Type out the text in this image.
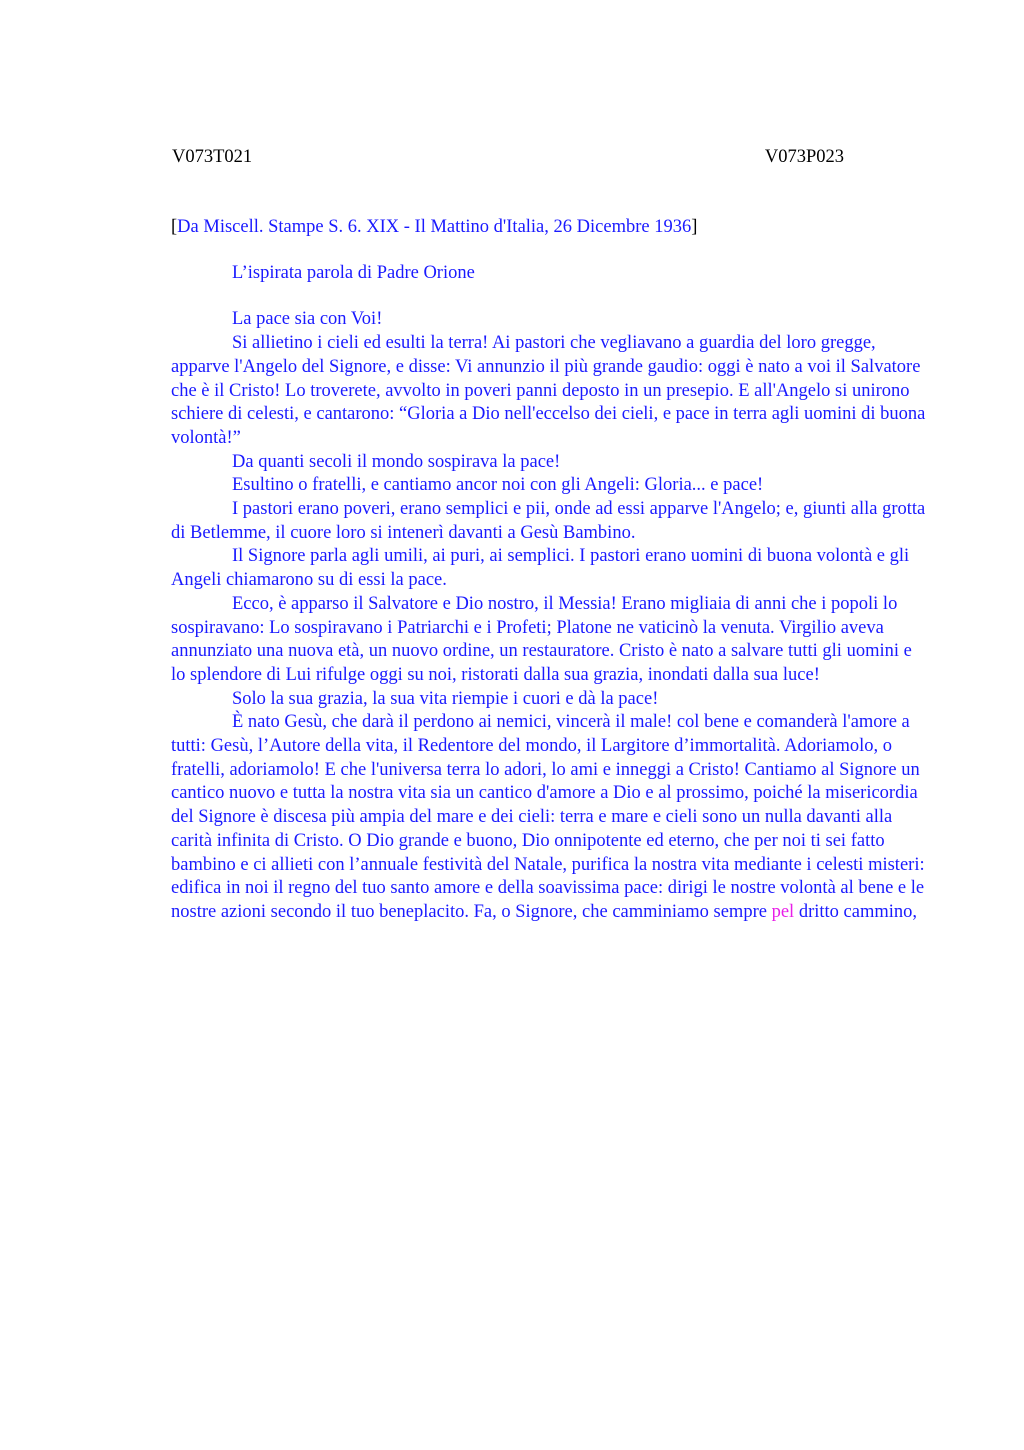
V073T021	V073P023

[Da Miscell. Stampe S. 6. XIX - Il Mattino d'Italia, 26 Dicembre 1936]

L’ispirata parola di Padre Orione

La pace sia con Voi!

Si allietino i cieli ed esulti la terra! Ai pastori che vegliavano a guardia del loro gregge, apparve l'Angelo del Signore, e disse: Vi annunzio il più grande gaudio: oggi è nato a voi il Salvatore che è il Cristo! Lo troverete, avvolto in poveri panni deposto in un presepio. E all'Angelo si unirono schiere di celesti, e cantarono: “Gloria a Dio nell'eccelso dei cieli, e pace in terra agli uomini di buona volontà!”

Da quanti secoli il mondo sospirava la pace!

Esultino o fratelli, e cantiamo ancor noi con gli Angeli: Gloria... e pace!

I pastori erano poveri, erano semplici e pii, onde ad essi apparve l'Angelo; e, giunti alla grotta di Betlemme, il cuore loro si intenerì davanti a Gesù Bambino.

Il Signore parla agli umili, ai puri, ai semplici. I pastori erano uomini di buona volontà e gli Angeli chiamarono su di essi la pace.

Ecco, è apparso il Salvatore e Dio nostro, il Messia! Erano migliaia di anni che i popoli lo sospiravano: Lo sospiravano i Patriarchi e i Profeti; Platone ne vaticinò la venuta. Virgilio aveva annunziato una nuova età, un nuovo ordine, un restauratore. Cristo è nato a salvare tutti gli uomini e lo splendore di Lui rifulge oggi su noi, ristorati dalla sua grazia, inondati dalla sua luce!

Solo la sua grazia, la sua vita riempie i cuori e dà la pace!

È nato Gesù, che darà il perdono ai nemici, vincerà il male! col bene e comanderà l'amore a tutti: Gesù, l’Autore della vita, il Redentore del mondo, il Largitore d’immortalità. Adoriamolo, o fratelli, adoriamolo! E che l'universa terra lo adori, lo ami e inneggi a Cristo! Cantiamo al Signore un cantico nuovo e tutta la nostra vita sia un cantico d'amore a Dio e al prossimo, poiché la misericordia del Signore è discesa più ampia del mare e dei cieli: terra e mare e cieli sono un nulla davanti alla carità infinita di Cristo. O Dio grande e buono, Dio onnipotente ed eterno, che per noi ti sei fatto bambino e ci allieti con l’annuale festività del Natale, purifica la nostra vita mediante i celesti misteri: edifica in noi il regno del tuo santo amore e della soavissima pace: dirigi le nostre volontà al bene e le nostre azioni secondo il tuo beneplacito. Fa, o Signore, che camminiamo sempre pel dritto cammino,
